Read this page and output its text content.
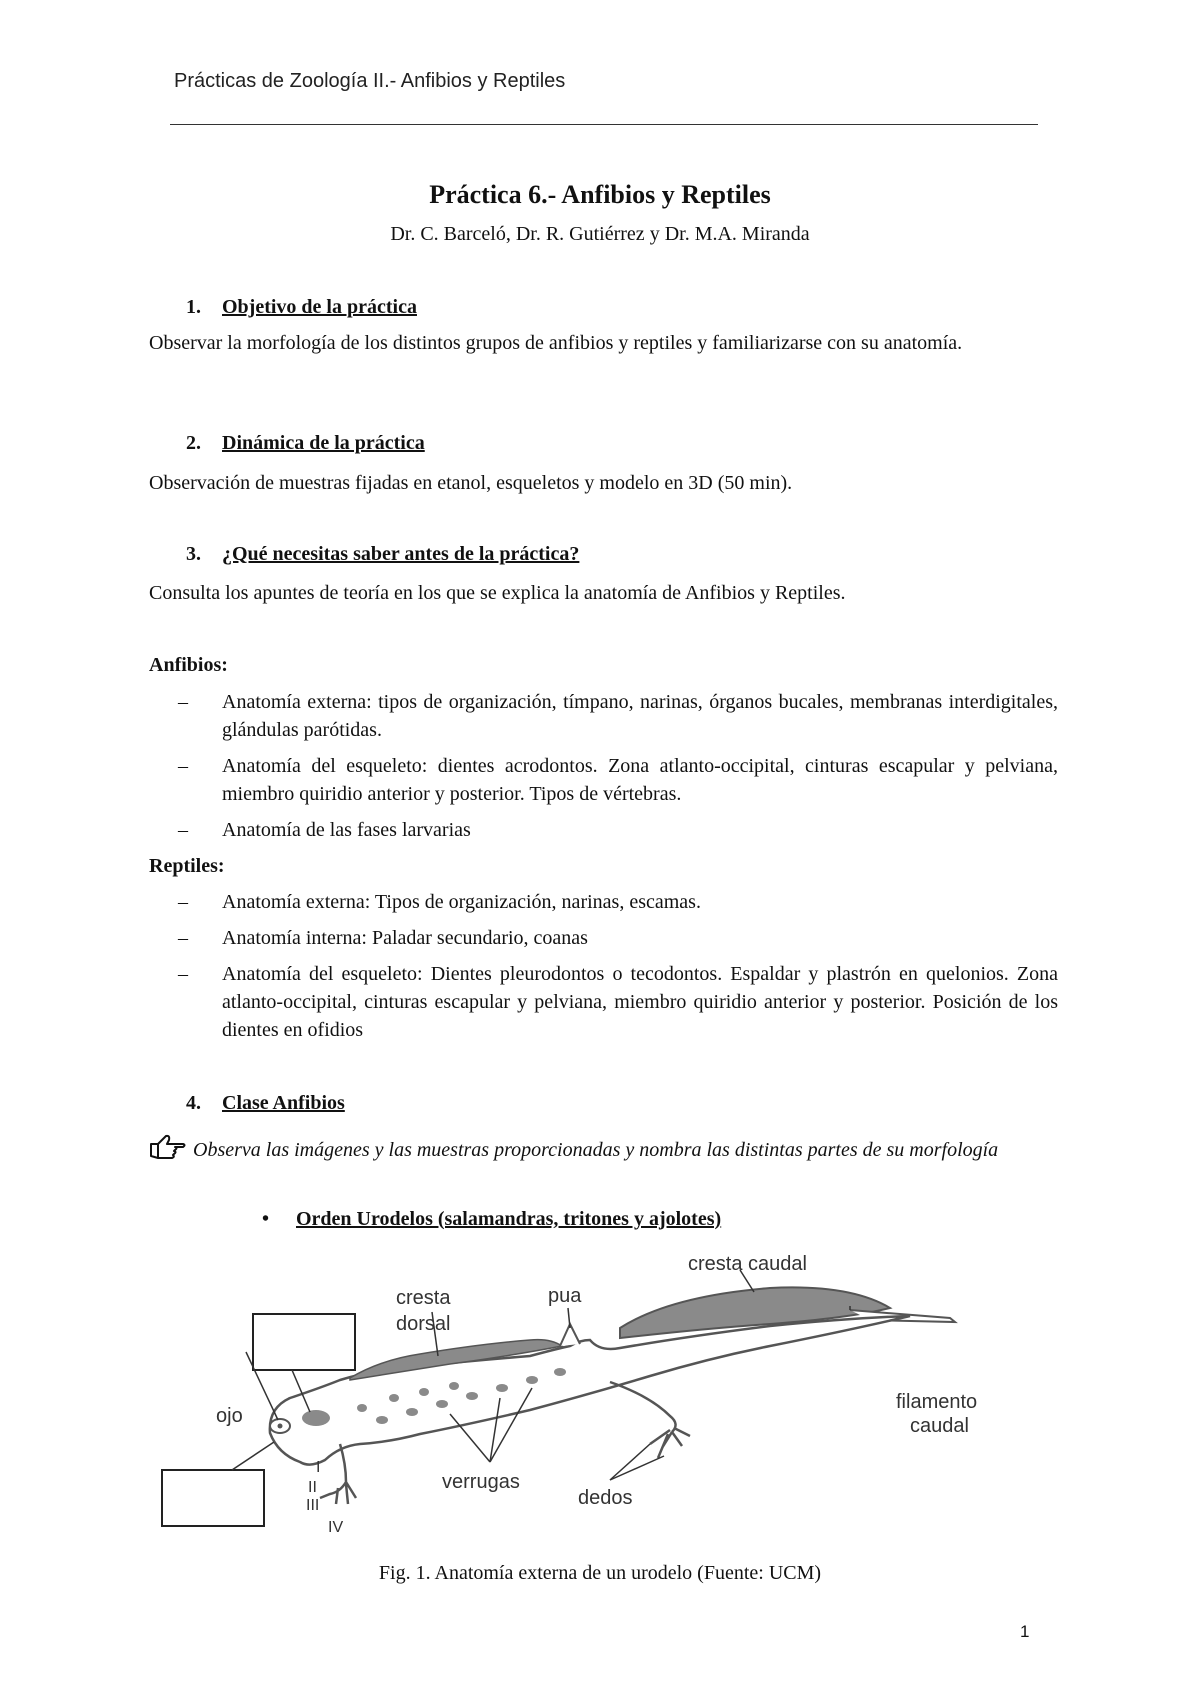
Prácticas de Zoología II.- Anfibios y Reptiles
Práctica 6.- Anfibios y Reptiles
Dr. C. Barceló, Dr. R. Gutiérrez y Dr. M.A. Miranda
1. Objetivo de la práctica
Observar la morfología de los distintos grupos de anfibios y reptiles y familiarizarse con su anatomía.
2. Dinámica de la práctica
Observación de muestras fijadas en etanol, esqueletos y modelo en 3D (50 min).
3. ¿Qué necesitas saber antes de la práctica?
Consulta los apuntes de teoría en los que se explica la anatomía de Anfibios y Reptiles.
Anfibios:
– Anatomía externa: tipos de organización, tímpano, narinas, órganos bucales, membranas interdigitales, glándulas parótidas.
– Anatomía del esqueleto: dientes acrodontos. Zona atlanto-occipital, cinturas escapular y pelviana, miembro quiridio anterior y posterior. Tipos de vértebras.
– Anatomía de las fases larvarias
Reptiles:
– Anatomía externa: Tipos de organización, narinas, escamas.
– Anatomía interna: Paladar secundario, coanas
– Anatomía del esqueleto: Dientes pleurodontos o tecodontos. Espaldar y plastrón en quelonios. Zona atlanto-occipital, cinturas escapular y pelviana, miembro quiridio anterior y posterior. Posición de los dientes en ofidios
4. Clase Anfibios
Observa las imágenes y las muestras proporcionadas y nombra las distintas partes de su morfología
• Orden Urodelos (salamandras, tritones y ajolotes)
cresta caudal
cresta
dorsal
pua
ojo
filamento
caudal
verrugas
dedos
I
II
III
IV
Fig. 1. Anatomía externa de un urodelo (Fuente: UCM)
1
